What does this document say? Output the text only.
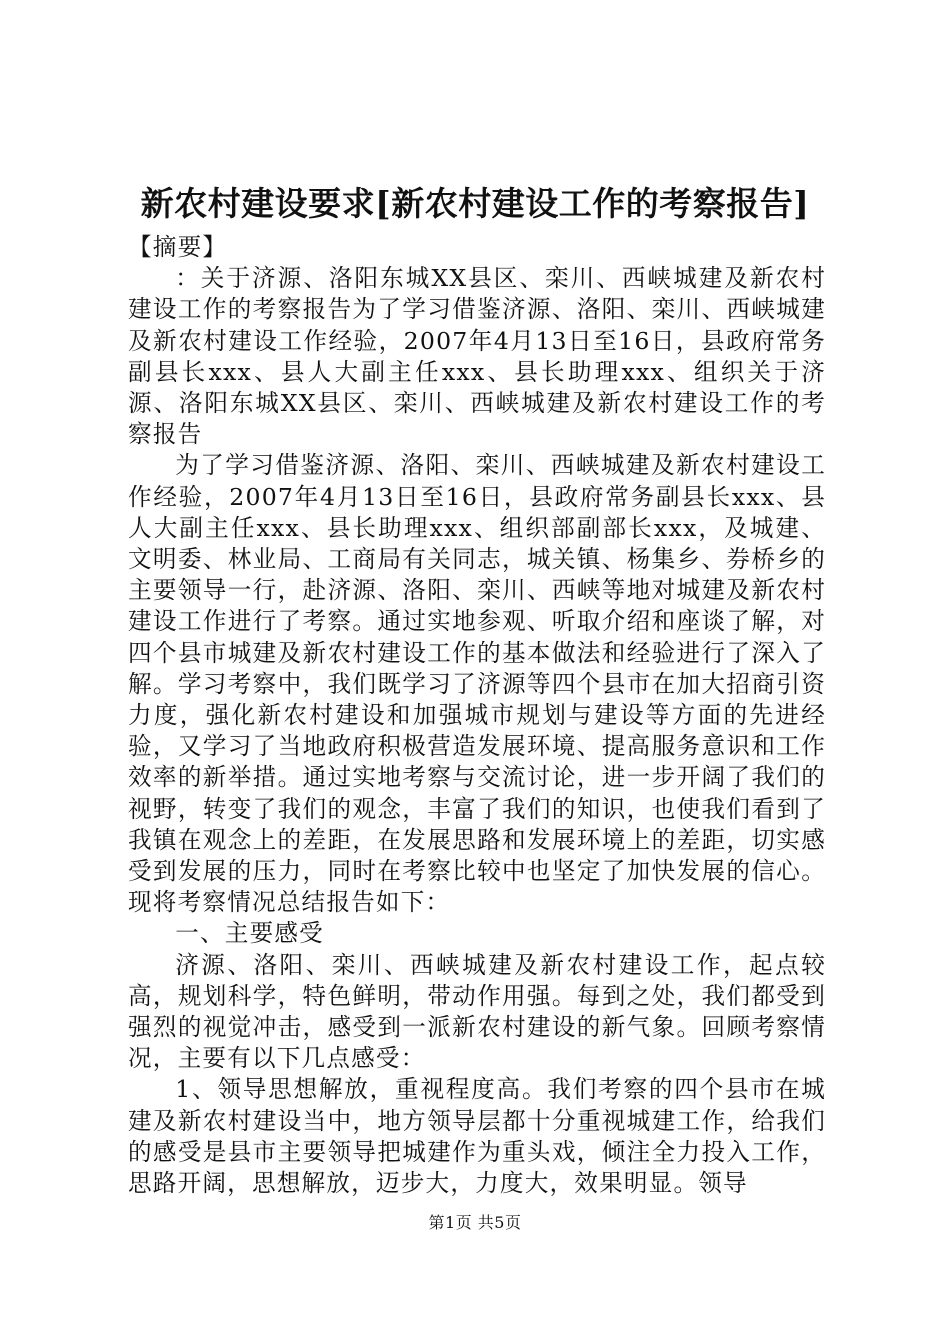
新农村建设要求[新农村建设工作的考察报告]

【摘要】

：关于济源、洛阳东城XX县区、栾川、西峡城建及新农村建设工作的考察报告为了学习借鉴济源、洛阳、栾川、西峡城建及新农村建设工作经验，2007年4月13日至16日，县政府常务副县长xxx、县人大副主任xxx、县长助理xxx、组织关于济源、洛阳东城XX县区、栾川、西峡城建及新农村建设工作的考察报告

为了学习借鉴济源、洛阳、栾川、西峡城建及新农村建设工作经验，2007年4月13日至16日，县政府常务副县长xxx、县人大副主任xxx、县长助理xxx、组织部副部长xxx，及城建、文明委、林业局、工商局有关同志，城关镇、杨集乡、券桥乡的主要领导一行，赴济源、洛阳、栾川、西峡等地对城建及新农村建设工作进行了考察。通过实地参观、听取介绍和座谈了解，对四个县市城建及新农村建设工作的基本做法和经验进行了深入了解。学习考察中，我们既学习了济源等四个县市在加大招商引资力度，强化新农村建设和加强城市规划与建设等方面的先进经验，又学习了当地政府积极营造发展环境、提高服务意识和工作效率的新举措。通过实地考察与交流讨论，进一步开阔了我们的视野，转变了我们的观念，丰富了我们的知识，也使我们看到了我镇在观念上的差距，在发展思路和发展环境上的差距，切实感受到发展的压力，同时在考察比较中也坚定了加快发展的信心。现将考察情况总结报告如下：

一、主要感受

济源、洛阳、栾川、西峡城建及新农村建设工作，起点较高，规划科学，特色鲜明，带动作用强。每到之处，我们都受到强烈的视觉冲击，感受到一派新农村建设的新气象。回顾考察情况，主要有以下几点感受：

1、领导思想解放，重视程度高。我们考察的四个县市在城建及新农村建设当中，地方领导层都十分重视城建工作，给我们的感受是县市主要领导把城建作为重头戏，倾注全力投入工作，思路开阔，思想解放，迈步大，力度大，效果明显。领导

第1页 共5页
